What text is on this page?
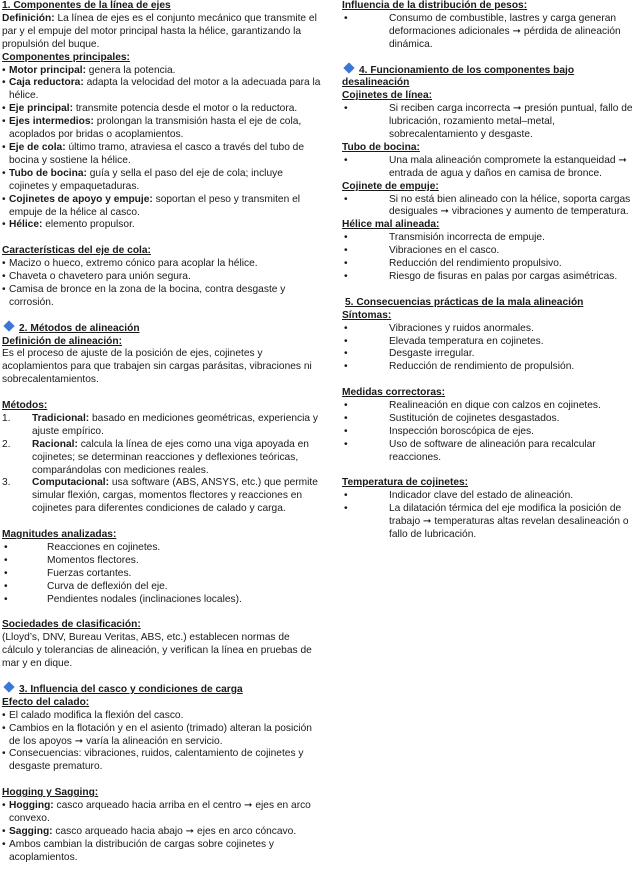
1. Componentes de la línea de ejes
Definición: La línea de ejes es el conjunto mecánico que transmite el par y el empuje del motor principal hasta la hélice, garantizando la propulsión del buque.
Componentes principales:
• Motor principal: genera la potencia.
• Caja reductora: adapta la velocidad del motor a la adecuada para la hélice.
• Eje principal: transmite potencia desde el motor o la reductora.
• Ejes intermedios: prolongan la transmisión hasta el eje de cola, acoplados por bridas o acoplamientos.
• Eje de cola: último tramo, atraviesa el casco a través del tubo de bocina y sostiene la hélice.
• Tubo de bocina: guía y sella el paso del eje de cola; incluye cojinetes y empaquetaduras.
• Cojinetes de apoyo y empuje: soportan el peso y transmiten el empuje de la hélice al casco.
• Hélice: elemento propulsor.
Características del eje de cola:
• Macizo o hueco, extremo cónico para acoplar la hélice.
• Chaveta o chavetero para unión segura.
• Camisa de bronce en la zona de la bocina, contra desgaste y corrosión.
2. Métodos de alineación
Definición de alineación:
Es el proceso de ajuste de la posición de ejes, cojinetes y acoplamientos para que trabajen sin cargas parásitas, vibraciones ni sobrecalentamientos.
Métodos:
1. Tradicional: basado en mediciones geométricas, experiencia y ajuste empírico.
2. Racional: calcula la línea de ejes como una viga apoyada en cojinetes; se determinan reacciones y deflexiones teóricas, comparándolas con mediciones reales.
3. Computacional: usa software (ABS, ANSYS, etc.) que permite simular flexión, cargas, momentos flectores y reacciones en cojinetes para diferentes condiciones de calado y carga.
Magnitudes analizadas:
• Reacciones en cojinetes.
• Momentos flectores.
• Fuerzas cortantes.
• Curva de deflexión del eje.
• Pendientes nodales (inclinaciones locales).
Sociedades de clasificación:
(Lloyd’s, DNV, Bureau Veritas, ABS, etc.) establecen normas de cálculo y tolerancias de alineación, y verifican la línea en pruebas de mar y en dique.
3. Influencia del casco y condiciones de carga
Efecto del calado:
• El calado modifica la flexión del casco.
• Cambios en la flotación y en el asiento (trimado) alteran la posición de los apoyos ➞ varía la alineación en servicio.
• Consecuencias: vibraciones, ruidos, calentamiento de cojinetes y desgaste prematuro.
Hogging y Sagging:
• Hogging: casco arqueado hacia arriba en el centro ➞ ejes en arco convexo.
• Sagging: casco arqueado hacia abajo ➞ ejes en arco cóncavo.
• Ambos cambian la distribución de cargas sobre cojinetes y acoplamientos.
Influencia de la distribución de pesos:
• Consumo de combustible, lastres y carga generan deformaciones adicionales ➞ pérdida de alineación dinámica.
4. Funcionamiento de los componentes bajo
desalineación
Cojinetes de línea:
• Si reciben carga incorrecta ➞ presión puntual, fallo de lubricación, rozamiento metal–metal, sobrecalentamiento y desgaste.
Tubo de bocina:
• Una mala alineación compromete la estanqueidad ➞ entrada de agua y daños en camisa de bronce.
Cojinete de empuje:
• Si no está bien alineado con la hélice, soporta cargas desiguales ➞ vibraciones y aumento de temperatura.
Hélice mal alineada:
• Transmisión incorrecta de empuje.
• Vibraciones en el casco.
• Reducción del rendimiento propulsivo.
• Riesgo de fisuras en palas por cargas asimétricas.
5. Consecuencias prácticas de la mala alineación
Síntomas:
• Vibraciones y ruidos anormales.
• Elevada temperatura en cojinetes.
• Desgaste irregular.
• Reducción de rendimiento de propulsión.
Medidas correctoras:
• Realineación en dique con calzos en cojinetes.
• Sustitución de cojinetes desgastados.
• Inspección boroscópica de ejes.
• Uso de software de alineación para recalcular reacciones.
Temperatura de cojinetes:
• Indicador clave del estado de alineación.
• La dilatación térmica del eje modifica la posición de trabajo ➞ temperaturas altas revelan desalineación o fallo de lubricación.
